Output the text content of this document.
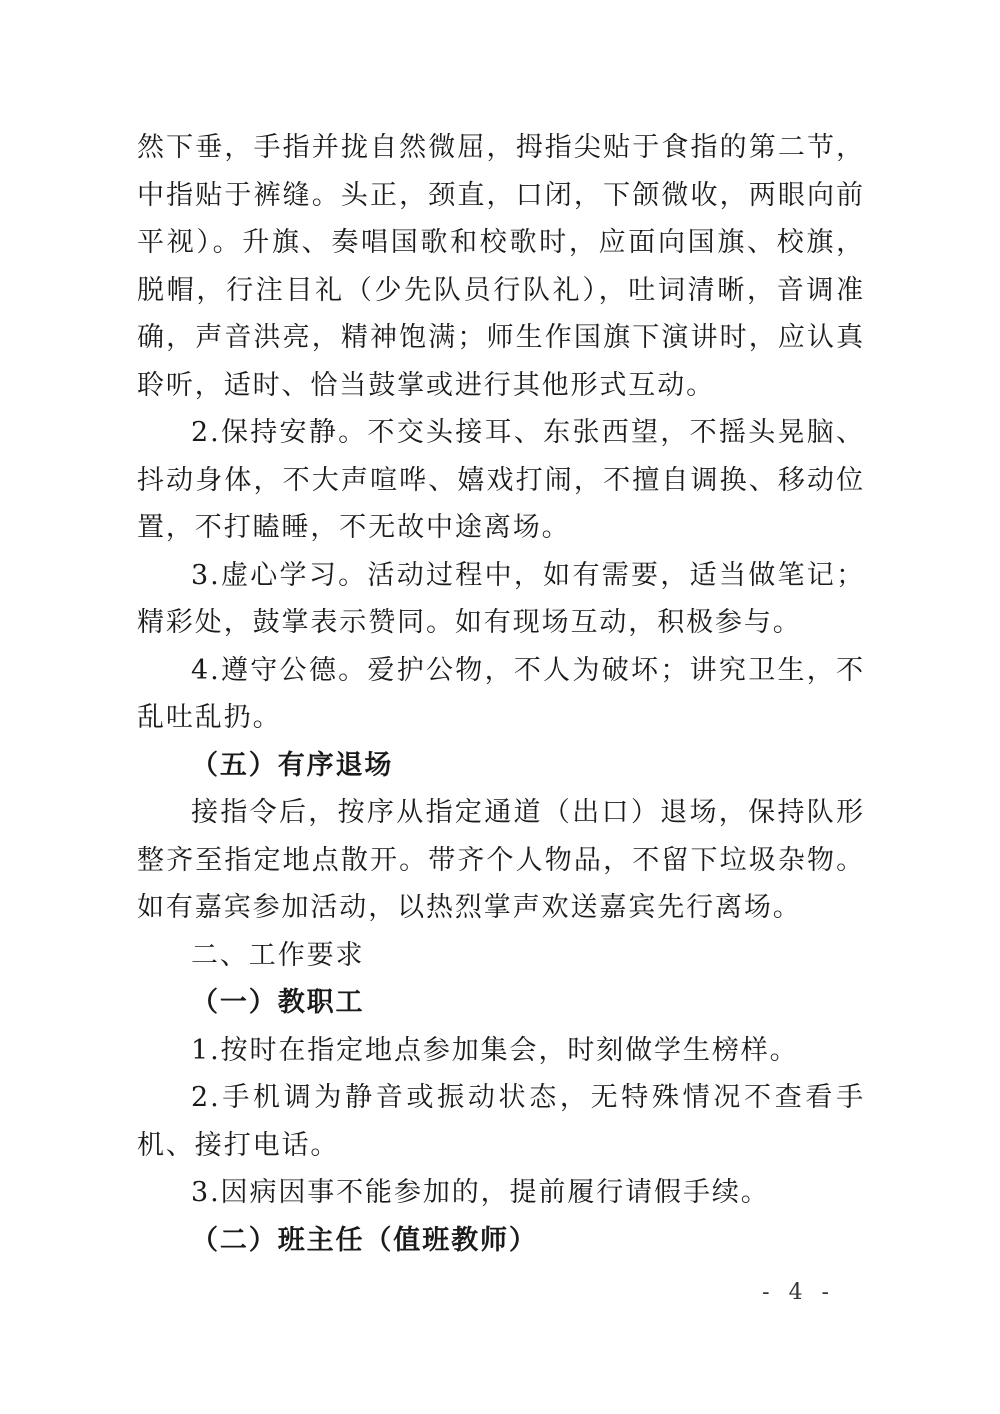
然下垂，手指并拢自然微屈，拇指尖贴于食指的第二节，中指贴于裤缝。头正，颈直，口闭，下颌微收，两眼向前平视）。升旗、奏唱国歌和校歌时，应面向国旗、校旗，脱帽，行注目礼（少先队员行队礼），吐词清晰，音调准确，声音洪亮，精神饱满；师生作国旗下演讲时，应认真聆听，适时、恰当鼓掌或进行其他形式互动。

2.保持安静。不交头接耳、东张西望，不摇头晃脑、抖动身体，不大声喧哗、嬉戏打闹，不擅自调换、移动位置，不打瞌睡，不无故中途离场。

3.虚心学习。活动过程中，如有需要，适当做笔记；精彩处，鼓掌表示赞同。如有现场互动，积极参与。

4.遵守公德。爱护公物，不人为破坏；讲究卫生，不乱吐乱扔。

（五）有序退场

接指令后，按序从指定通道（出口）退场，保持队形整齐至指定地点散开。带齐个人物品，不留下垃圾杂物。如有嘉宾参加活动，以热烈掌声欢送嘉宾先行离场。

二、工作要求

（一）教职工

1.按时在指定地点参加集会，时刻做学生榜样。

2.手机调为静音或振动状态，无特殊情况不查看手机、接打电话。

3.因病因事不能参加的，提前履行请假手续。

（二）班主任（值班教师）

- 4 -
